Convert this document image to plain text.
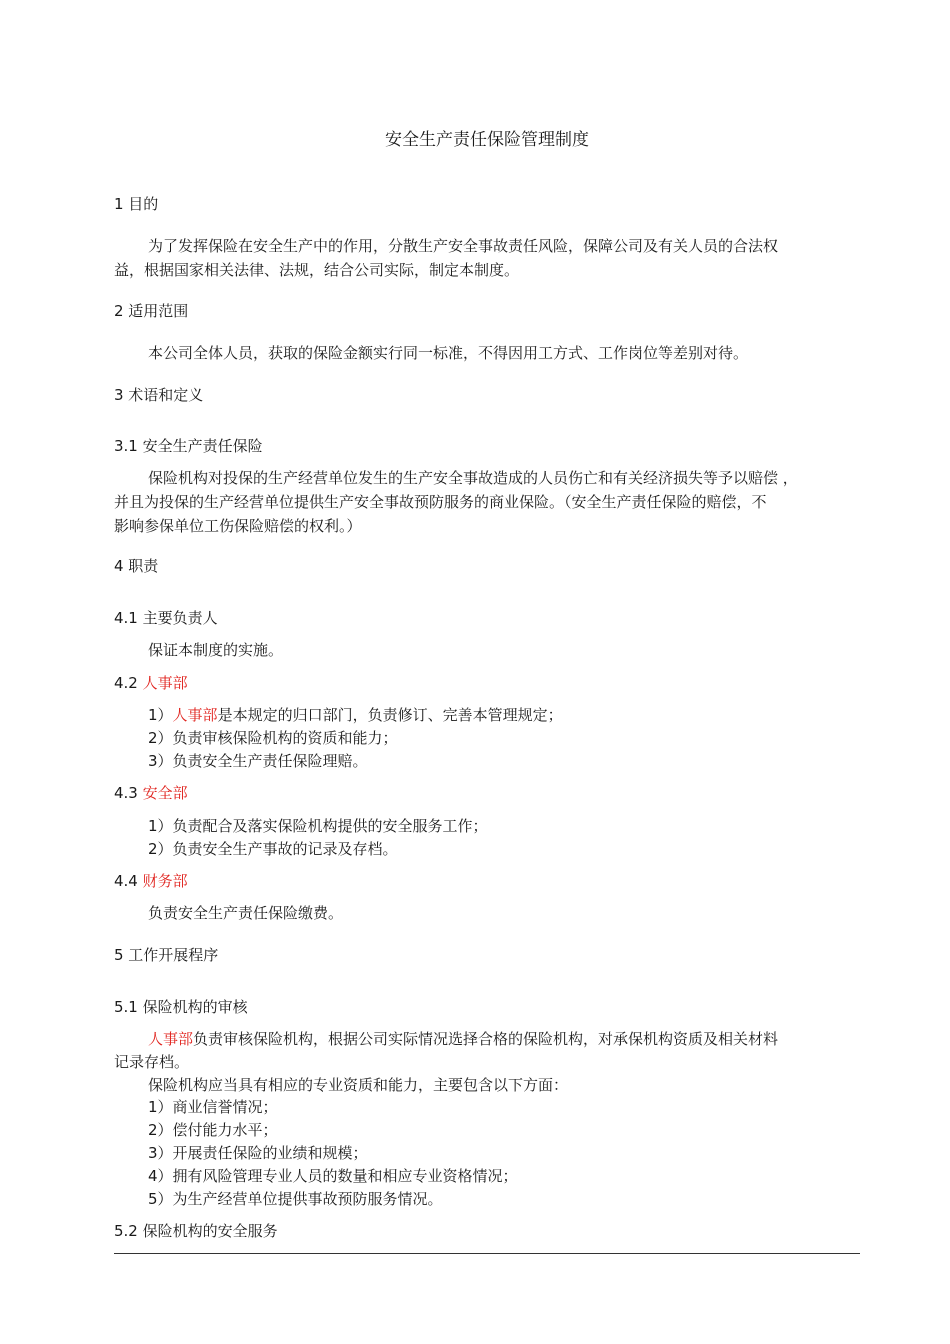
安全生产责任保险管理制度
1 目的
为了发挥保险在安全生产中的作用，分散生产安全事故责任风险，保障公司及有关人员的合法权
益，根据国家相关法律、法规，结合公司实际，制定本制度。
2 适用范围
本公司全体人员，获取的保险金额实行同一标准，不得因用工方式、工作岗位等差别对待。
3 术语和定义
3.1 安全生产责任保险
保险机构对投保的生产经营单位发生的生产安全事故造成的人员伤亡和有关经济损失等予以赔偿 ，
并且为投保的生产经营单位提供生产安全事故预防服务的商业保险。（安全生产责任保险的赔偿，不
影响参保单位工伤保险赔偿的权利。）
4 职责
4.1 主要负责人
保证本制度的实施。
4.2 人事部
1）人事部是本规定的归口部门，负责修订、完善本管理规定；
2）负责审核保险机构的资质和能力；
3）负责安全生产责任保险理赔。
4.3 安全部
1）负责配合及落实保险机构提供的安全服务工作；
2）负责安全生产事故的记录及存档。
4.4 财务部
负责安全生产责任保险缴费。
5 工作开展程序
5.1 保险机构的审核
人事部负责审核保险机构，根据公司实际情况选择合格的保险机构，对承保机构资质及相关材料
记录存档。
保险机构应当具有相应的专业资质和能力，主要包含以下方面：
1）商业信誉情况；
2）偿付能力水平；
3）开展责任保险的业绩和规模；
4）拥有风险管理专业人员的数量和相应专业资格情况；
5）为生产经营单位提供事故预防服务情况。
5.2 保险机构的安全服务
